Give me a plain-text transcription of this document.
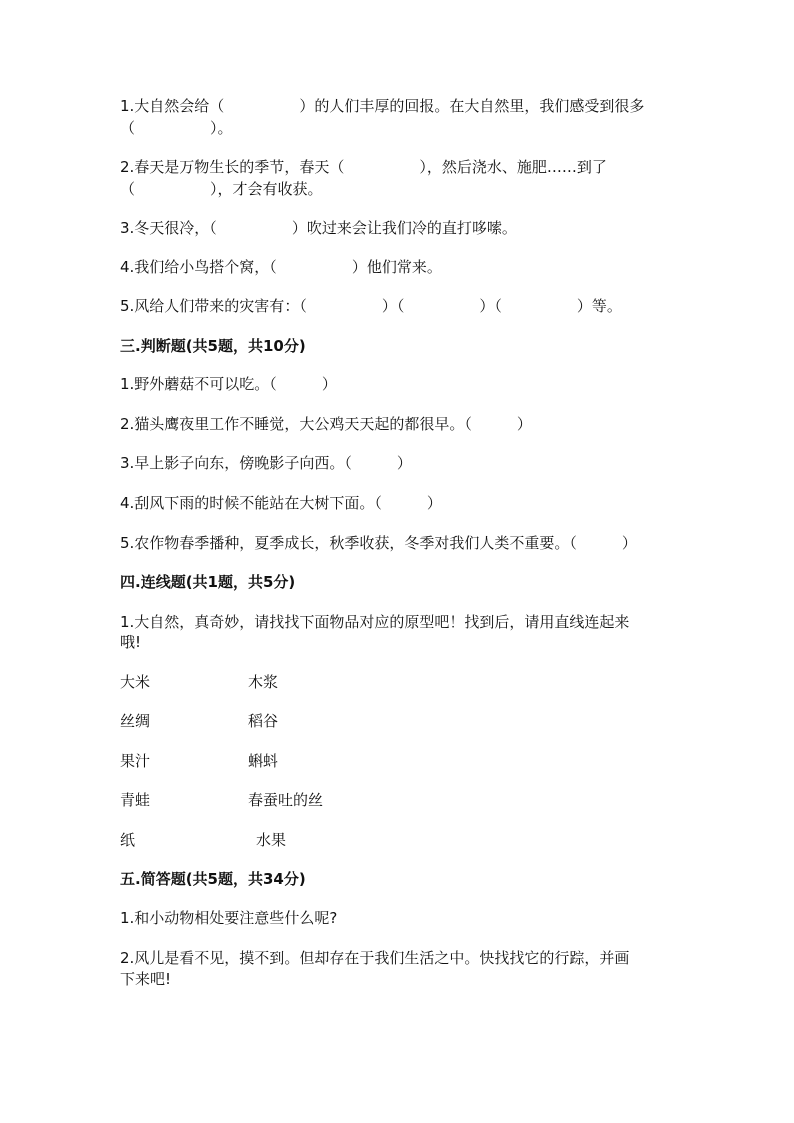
1.大自然会给（　　　　　）的人们丰厚的回报。在大自然里，我们感受到很多
（　　　　　）。
2.春天是万物生长的季节，春天（　　　　　），然后浇水、施肥……到了
（　　　　　），才会有收获。
3.冬天很冷，（　　　　　）吹过来会让我们冷的直打哆嗦。
4.我们给小鸟搭个窝，（　　　　　）他们常来。
5.风给人们带来的灾害有：（　　　　　）（　　　　　）（　　　　　）等。
三.判断题(共5题，共10分)
1.野外蘑菇不可以吃。（　　　）
2.猫头鹰夜里工作不睡觉，大公鸡天天起的都很早。（　　　）
3.早上影子向东，傍晚影子向西。（　　　）
4.刮风下雨的时候不能站在大树下面。（　　　）
5.农作物春季播种，夏季成长，秋季收获，冬季对我们人类不重要。（　　　）
四.连线题(共1题，共5分)
1.大自然，真奇妙，请找找下面物品对应的原型吧！找到后，请用直线连起来
哦!
大米	木浆
丝绸	稻谷
果汁	蝌蚪
青蛙	春蚕吐的丝
纸	水果
五.简答题(共5题，共34分)
1.和小动物相处要注意些什么呢?
2.风儿是看不见，摸不到。但却存在于我们生活之中。快找找它的行踪，并画
下来吧!
